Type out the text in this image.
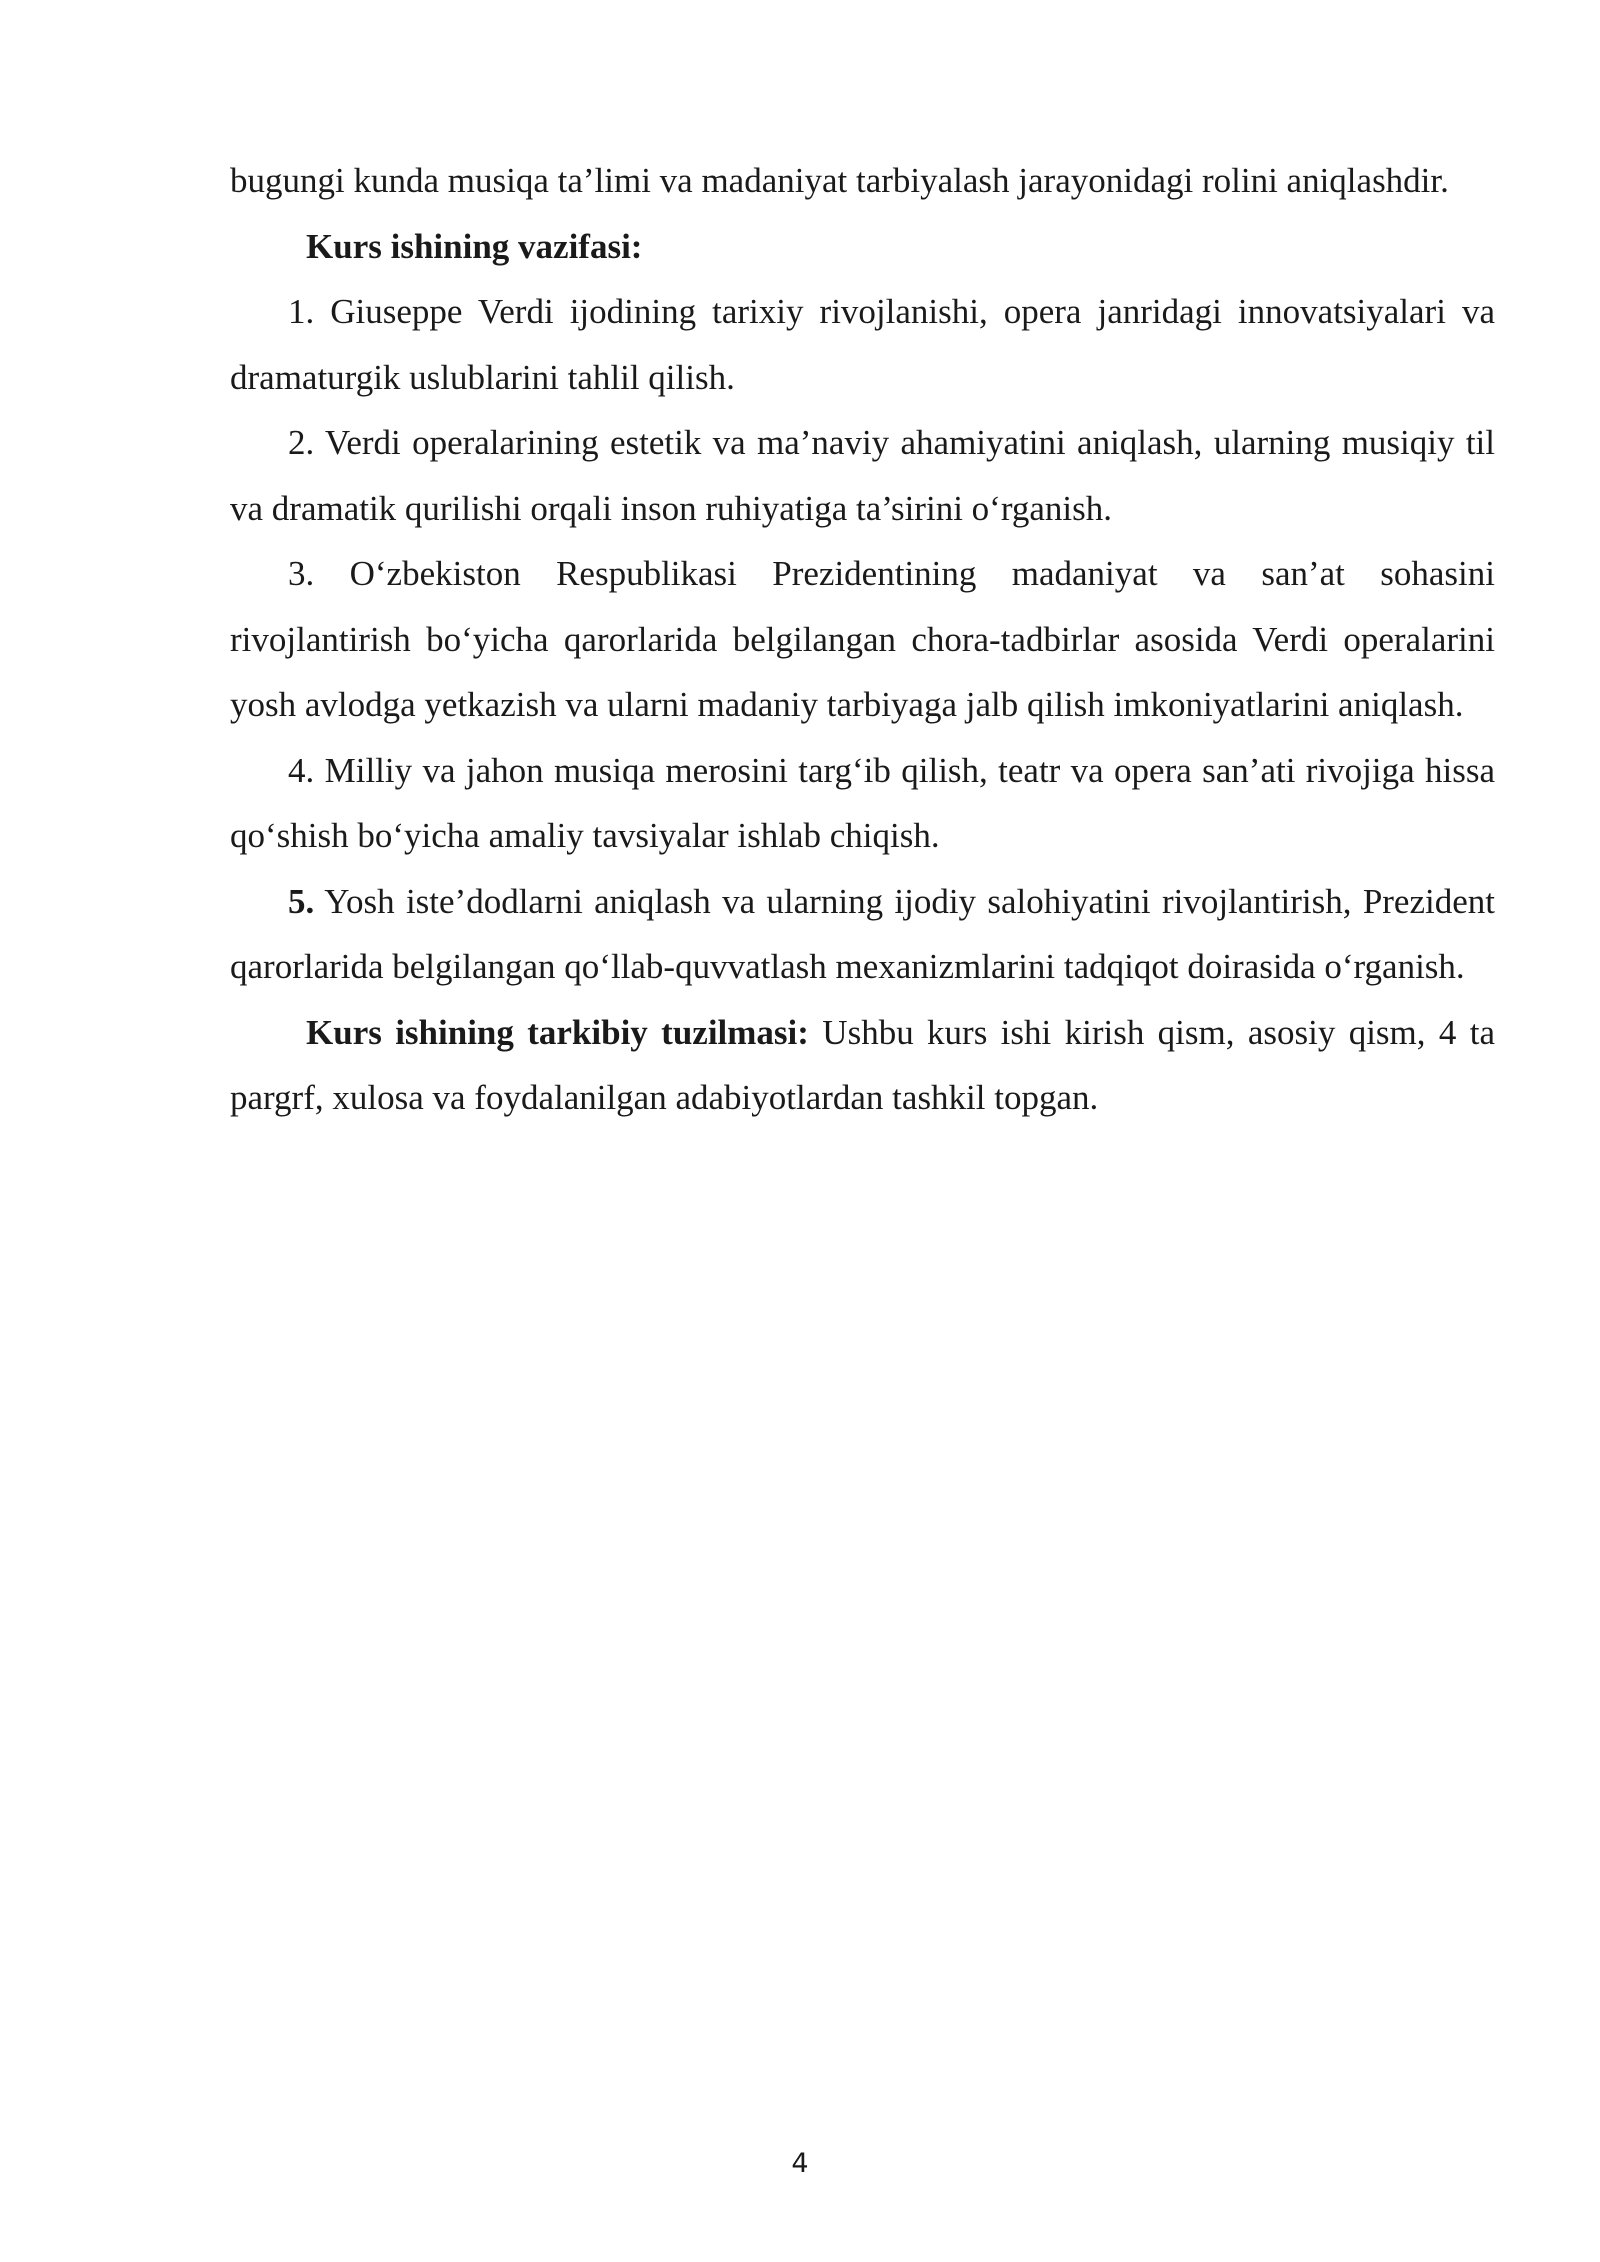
bugungi kunda musiqa ta’limi va madaniyat tarbiyalash jarayonidagi rolini aniqlashdir.

Kurs ishining vazifasi:

1. Giuseppe Verdi ijodining tarixiy rivojlanishi, opera janridagi innovatsiyalari va dramaturgik uslublarini tahlil qilish.

2. Verdi operalarining estetik va ma’naviy ahamiyatini aniqlash, ularning musiqiy til va dramatik qurilishi orqali inson ruhiyatiga ta’sirini o‘rganish.

3. O‘zbekiston Respublikasi Prezidentining madaniyat va san’at sohasini rivojlantirish bo‘yicha qarorlarida belgilangan chora-tadbirlar asosida Verdi operalarini yosh avlodga yetkazish va ularni madaniy tarbiyaga jalb qilish imkoniyatlarini aniqlash.

4. Milliy va jahon musiqa merosini targ‘ib qilish, teatr va opera san’ati rivojiga hissa qo‘shish bo‘yicha amaliy tavsiyalar ishlab chiqish.

5. Yosh iste’dodlarni aniqlash va ularning ijodiy salohiyatini rivojlantirish, Prezident qarorlarida belgilangan qo‘llab-quvvatlash mexanizmlarini tadqiqot doirasida o‘rganish.

Kurs ishining tarkibiy tuzilmasi: Ushbu kurs ishi kirish qism, asosiy qism, 4 ta pargrf, xulosa va foydalanilgan adabiyotlardan tashkil topgan.

4
